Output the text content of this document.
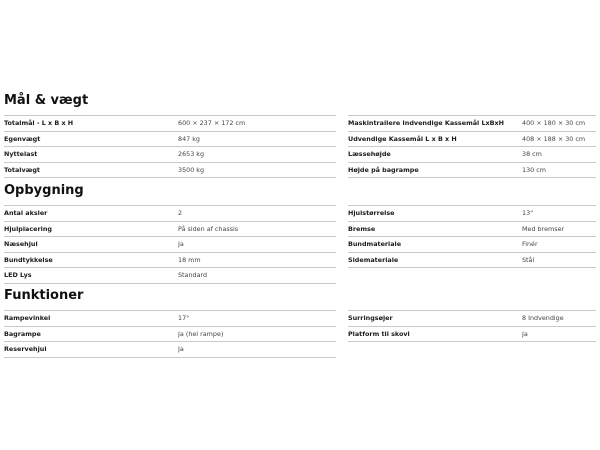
Mål & vægt
Totalmål - L x B x H	600 × 237 × 172 cm
Egenvægt	847 kg
Nyttelast	2653 kg
Totalvægt	3500 kg
Maskintrailere Indvendige Kassemål LxBxH	400 × 180 × 30 cm
Udvendige Kassemål L x B x H	408 × 188 × 30 cm
Læssehøjde	38 cm
Højde på bagrampe	130 cm
Opbygning
Antal aksler	2
Hjulplacering	På siden af chassis
Næsehjul	Ja
Bundtykkelse	18 mm
LED Lys	Standard
Hjulstørrelse	13"
Bremse	Med bremser
Bundmateriale	Finér
Sidemateriale	Stål
Funktioner
Rampevinkel	17°
Bagrampe	Ja (hel rampe)
Reservehjul	Ja
Surringsøjer	8 Indvendige
Platform til skovl	Ja
